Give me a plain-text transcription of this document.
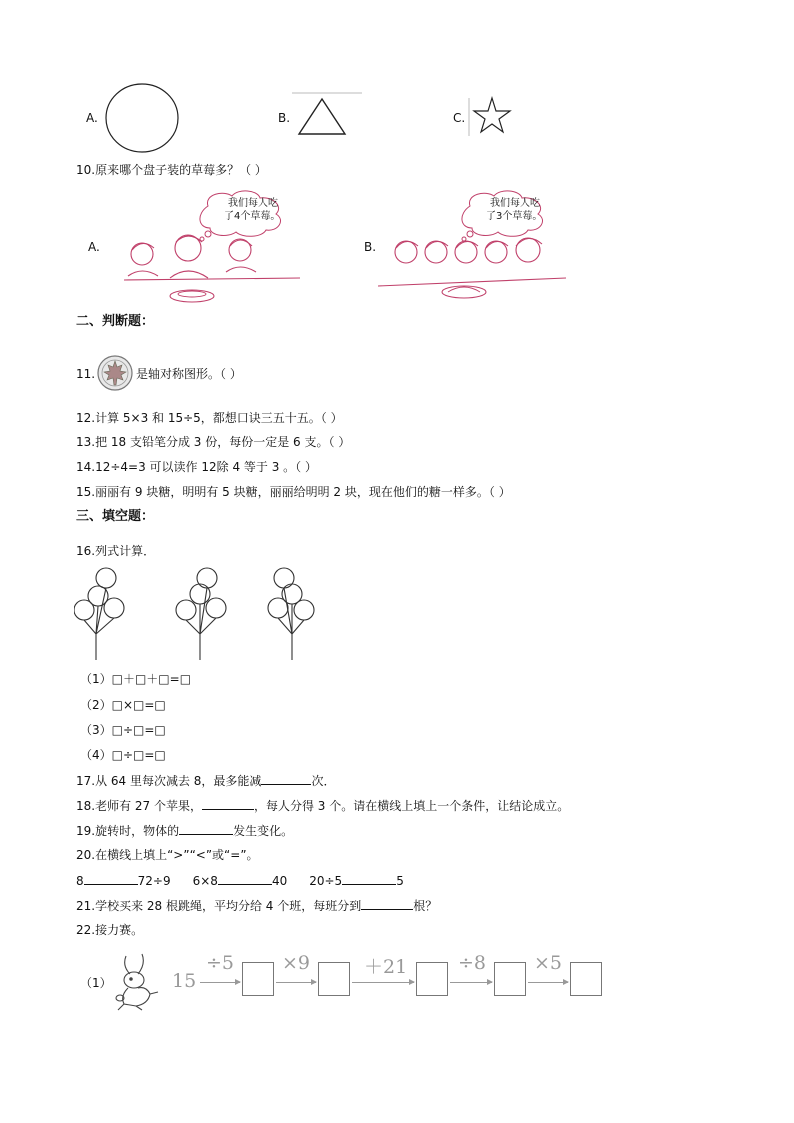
A.	B.	C.
10.原来哪个盘子装的草莓多？（ ）
A.
我们每人吃
了4个草莓。
B.
我们每人吃
了3个草莓。
二、判断题：
11.	是轴对称图形。（ ）
12.计算 5×3 和 15÷5，都想口诀三五十五。（ ）
13.把 18 支铅笔分成 3 份，每份一定是 6 支。（ ）
14.12÷4=3 可以读作 12除 4 等于 3 。（ ）
15.丽丽有 9 块糖，明明有 5 块糖，丽丽给明明 2 块，现在他们的糖一样多。（ ）
三、填空题：
16.列式计算．
（1）□＋□＋□=□
（2）□×□=□
（3）□÷□=□
（4）□÷□=□
17.从 64 里每次减去 8，最多能减	次．
18.老师有 27 个苹果，	，每人分得 3 个。请在横线上填上一个条件，让结论成立。
19.旋转时，物体的	发生变化。
20.在横线上填上“>”“<”或“=”。
8	72÷9 6×8	40 20÷5	5
21.学校买来 28 根跳绳，平均分给 4 个班，每班分到	根？
22.接力赛。
（1）	15
÷5	×9	＋21	÷8	×5
